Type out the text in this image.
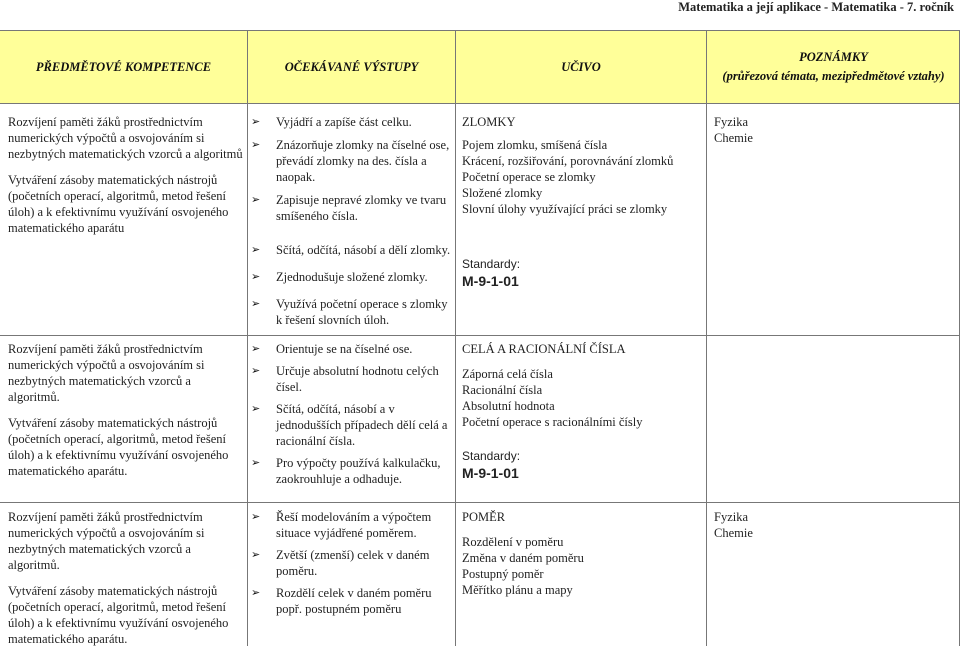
Matematika a její aplikace - Matematika - 7. ročník
PŘEDMĚTOVÉ KOMPETENCE	OČEKÁVANÉ VÝSTUPY	UČIVO
POZNÁMKY
(průřezová témata, mezipředmětové vztahy)

Rozvíjení paměti žáků prostřednictvím numerických výpočtů a osvojováním si nezbytných matematických vzorců a algoritmů

Vytváření zásoby matematických nástrojů (početních operací, algoritmů, metod řešení úloh) a k efektivnímu využívání osvojeného matematického aparátu

➢ Vyjádří a zapíše část celku.
➢ Znázorňuje zlomky na číselné ose, převádí zlomky na des. čísla a naopak.
➢ Zapisuje nepravé zlomky ve tvaru smíšeného čísla.
➢ Sčítá, odčítá, násobí a dělí zlomky.
➢ Zjednodušuje složené zlomky.
➢ Využívá početní operace s zlomky k řešení slovních úloh.
ZLOMKY
Pojem zlomku, smíšená čísla
Krácení, rozšiřování, porovnávání zlomků
Početní operace se zlomky
Složené zlomky
Slovní úlohy využívající práci se zlomky
Standardy:
M-9-1-01
Fyzika
Chemie

Rozvíjení paměti žáků prostřednictvím numerických výpočtů a osvojováním si nezbytných matematických vzorců a algoritmů.

Vytváření zásoby matematických nástrojů (početních operací, algoritmů, metod řešení úloh) a k efektivnímu využívání osvojeného matematického aparátu.

➢ Orientuje se na číselné ose.
➢ Určuje absolutní hodnotu celých čísel.
➢ Sčítá, odčítá, násobí a v jednodušších případech dělí celá a racionální čísla.
➢ Pro výpočty používá kalkulačku, zaokrouhluje a odhaduje.
CELÁ A RACIONÁLNÍ ČÍSLA
Záporná celá čísla
Racionální čísla
Absolutní hodnota
Početní operace s racionálními čísly
Standardy:
M-9-1-01

Rozvíjení paměti žáků prostřednictvím numerických výpočtů a osvojováním si nezbytných matematických vzorců a algoritmů.

Vytváření zásoby matematických nástrojů (početních operací, algoritmů, metod řešení úloh) a k efektivnímu využívání osvojeného matematického aparátu.

➢ Řeší modelováním a výpočtem situace vyjádřené poměrem.
➢ Zvětší (zmenší) celek v daném poměru.
➢ Rozdělí celek v daném poměru popř. postupném poměru
POMĚR
Rozdělení v poměru
Změna v daném poměru
Postupný poměr
Měřítko plánu a mapy
Fyzika
Chemie
